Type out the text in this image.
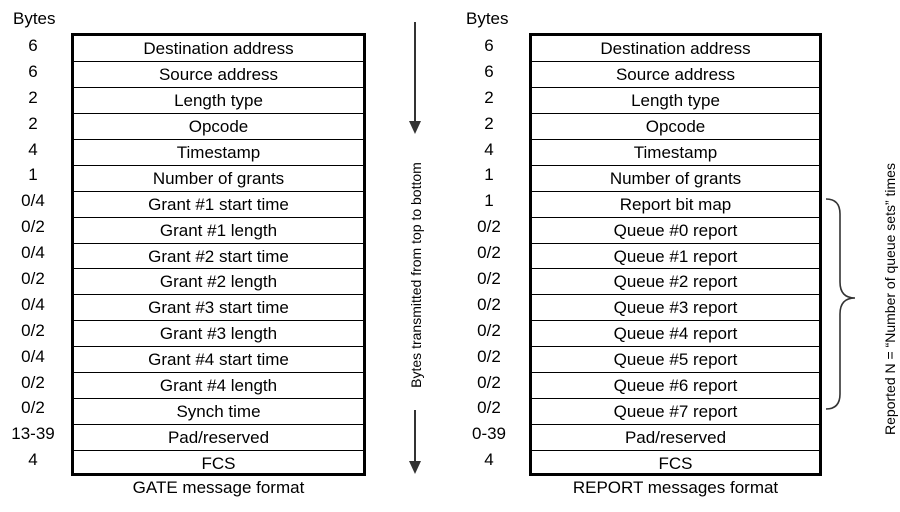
Bytes
6
6
2
2
4
1
0/4
0/2
0/4
0/2
0/4
0/2
0/4
0/2
0/2
13-39
4
Destination address
Source address
Length type
Opcode
Timestamp
Number of grants
Grant #1 start time
Grant #1 length
Grant #2 start time
Grant #2 length
Grant #3 start time
Grant #3 length
Grant #4 start time
Grant #4 length
Synch time
Pad/reserved
FCS
GATE message format
Bytes transmitted from top to bottom
Bytes
6
6
2
2
4
1
1
0/2
0/2
0/2
0/2
0/2
0/2
0/2
0/2
0-39
4
Destination address
Source address
Length type
Opcode
Timestamp
Number of grants
Report bit map
Queue #0 report
Queue #1 report
Queue #2 report
Queue #3 report
Queue #4 report
Queue #5 report
Queue #6 report
Queue #7 report
Pad/reserved
FCS
REPORT messages format
Reported N = “Number of queue sets” times
